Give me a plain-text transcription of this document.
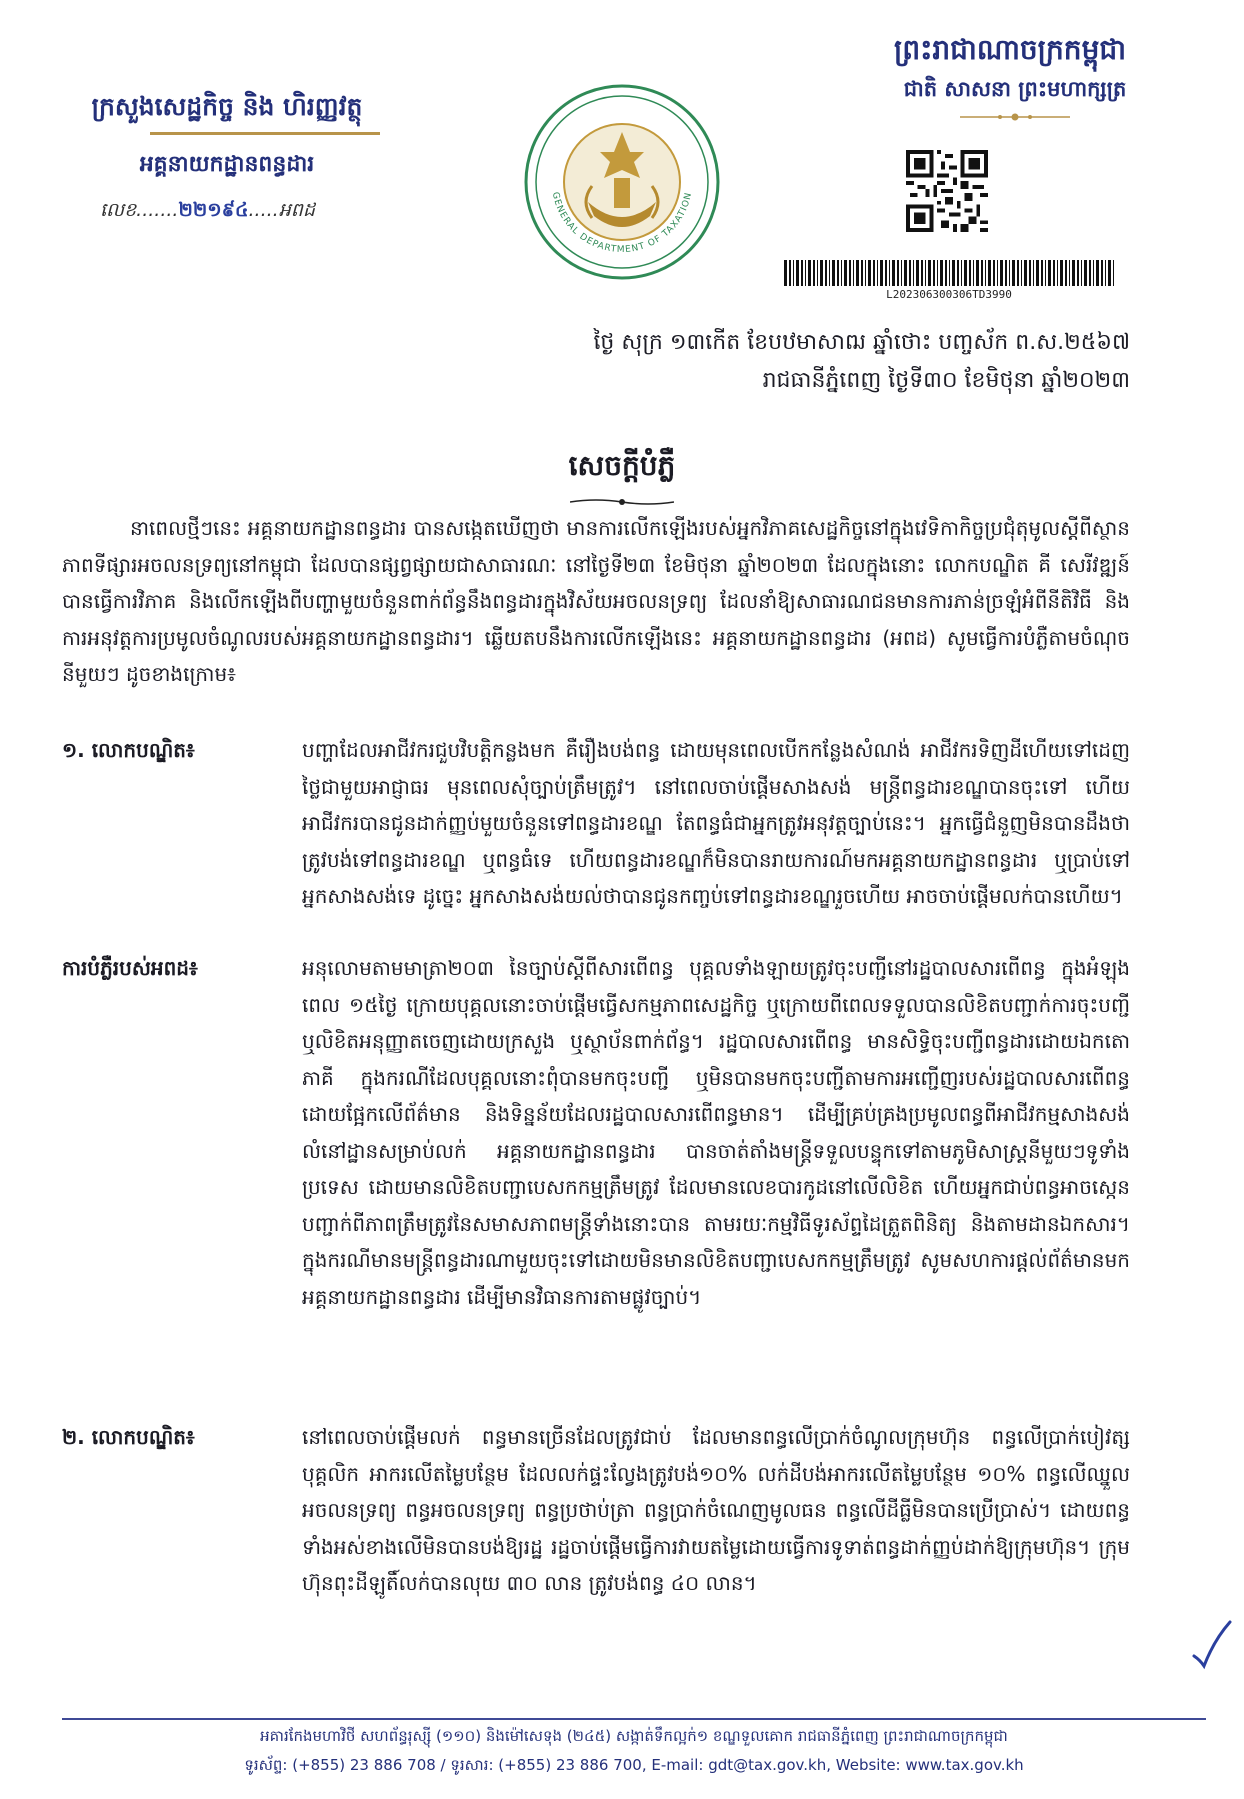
ក្រសួងសេដ្ឋកិច្ច និង ហិរញ្ញវត្ថុ
អគ្គនាយកដ្ឋានពន្ធដារ
លេខ.......២២១៩៤.....អពដ
GENERAL DEPARTMENT OF TAXATION
ព្រះរាជាណាចក្រកម្ពុជា
ជាតិ សាសនា ព្រះមហាក្សត្រ
L202306300306TD3990
ថ្ងៃ សុក្រ ១៣កើត ខែបឋមាសាឍ ឆ្នាំថោះ បញ្ចស័ក ព.ស.២៥៦៧
រាជធានីភ្នំពេញ ថ្ងៃទី៣០ ខែមិថុនា ឆ្នាំ២០២៣
សេចក្ដីបំភ្លឺ
នាពេលថ្មីៗនេះ អគ្គនាយកដ្ឋានពន្ធដារ បានសង្កេតឃើញថា មានការលើកឡើងរបស់អ្នកវិភាគសេដ្ឋកិច្ចនៅក្នុងវេទិកាកិច្ចប្រជុំតុមូលស្ដីពីស្ថានភាពទីផ្សារអចលនទ្រព្យនៅកម្ពុជា ដែលបានផ្សព្វផ្សាយជាសាធារណៈ នៅថ្ងៃទី២៣ ខែមិថុនា ឆ្នាំ២០២៣ ដែលក្នុងនោះ លោកបណ្ឌិត គី សេរីវឌ្ឍន៍ បានធ្វើការវិភាគ និងលើកឡើងពីបញ្ហាមួយចំនួនពាក់ព័ន្ធនឹងពន្ធដារក្នុងវិស័យអចលនទ្រព្យ ដែលនាំឱ្យសាធារណជនមានការភាន់ច្រឡំអំពីនីតិវិធី និងការអនុវត្តការប្រមូលចំណូលរបស់អគ្គនាយកដ្ឋានពន្ធដារ។ ឆ្លើយតបនឹងការលើកឡើងនេះ អគ្គនាយកដ្ឋានពន្ធដារ (អពដ) សូមធ្វើការបំភ្លឺតាមចំណុចនីមួយៗ ដូចខាងក្រោម៖
១. លោកបណ្ឌិត៖	បញ្ហាដែលអាជីវករជួបវិបត្តិកន្លងមក គឺរឿងបង់ពន្ធ ដោយមុនពេលបើកកន្លែងសំណង់ អាជីវករទិញដីហើយទៅដេញថ្លៃជាមួយអាជ្ញាធរ មុនពេលសុំច្បាប់ត្រឹមត្រូវ។ នៅពេលចាប់ផ្ដើមសាងសង់ មន្ត្រីពន្ធដារខណ្ឌបានចុះទៅ ហើយអាជីវករបានជូនដាក់ញ្ញប់មួយចំនួនទៅពន្ធដារខណ្ឌ តែពន្ធធំជាអ្នកត្រូវអនុវត្តច្បាប់នេះ។ អ្នកធ្វើជំនួញមិនបានដឹងថាត្រូវបង់ទៅពន្ធដារខណ្ឌ ឬពន្ធធំទេ ហើយពន្ធដារខណ្ឌក៏មិនបានរាយការណ៍មកអគ្គនាយកដ្ឋានពន្ធដារ ឬប្រាប់ទៅអ្នកសាងសង់ទេ ដូច្នេះ អ្នកសាងសង់យល់ថាបានជូនកញ្ចប់ទៅពន្ធដារខណ្ឌរួចហើយ អាចចាប់ផ្ដើមលក់បានហើយ។
ការបំភ្លឺរបស់អពដ៖	អនុលោមតាមមាត្រា២០៣ នៃច្បាប់ស្ដីពីសារពើពន្ធ បុគ្គលទាំងឡាយត្រូវចុះបញ្ជីនៅរដ្ឋបាលសារពើពន្ធ ក្នុងអំឡុងពេល ១៥ថ្ងៃ ក្រោយបុគ្គលនោះចាប់ផ្ដើមធ្វើសកម្មភាពសេដ្ឋកិច្ច ឬក្រោយពីពេលទទួលបានលិខិតបញ្ជាក់ការចុះបញ្ជី ឬលិខិតអនុញ្ញាតចេញដោយក្រសួង ឬស្ថាប័នពាក់ព័ន្ធ។ រដ្ឋបាលសារពើពន្ធ មានសិទ្ធិចុះបញ្ជីពន្ធដារដោយឯកតោភាគី ក្នុងករណីដែលបុគ្គលនោះពុំបានមកចុះបញ្ជី ឬមិនបានមកចុះបញ្ជីតាមការអញ្ជើញរបស់រដ្ឋបាលសារពើពន្ធ ដោយផ្អែកលើព័ត៌មាន និងទិន្នន័យដែលរដ្ឋបាលសារពើពន្ធមាន។ ដើម្បីគ្រប់គ្រងប្រមូលពន្ធពីអាជីវកម្មសាងសង់លំនៅដ្ឋានសម្រាប់លក់ អគ្គនាយកដ្ឋានពន្ធដារ បានចាត់តាំងមន្ត្រីទទួលបន្ទុកទៅតាមភូមិសាស្ត្រនីមួយៗទូទាំងប្រទេស ដោយមានលិខិតបញ្ជាបេសកកម្មត្រឹមត្រូវ ដែលមានលេខបារកូដនៅលើលិខិត ហើយអ្នកជាប់ពន្ធអាចស្កេនបញ្ជាក់ពីភាពត្រឹមត្រូវនៃសមាសភាពមន្ត្រីទាំងនោះបាន តាមរយៈកម្មវិធីទូរស័ព្ទដៃត្រួតពិនិត្យ និងតាមដានឯកសារ។ ក្នុងករណីមានមន្ត្រីពន្ធដារណាមួយចុះទៅដោយមិនមានលិខិតបញ្ជាបេសកកម្មត្រឹមត្រូវ សូមសហការផ្ដល់ព័ត៌មានមកអគ្គនាយកដ្ឋានពន្ធដារ ដើម្បីមានវិធានការតាមផ្លូវច្បាប់។
២. លោកបណ្ឌិត៖	នៅពេលចាប់ផ្ដើមលក់ ពន្ធមានច្រើនដែលត្រូវជាប់ ដែលមានពន្ធលើប្រាក់ចំណូលក្រុមហ៊ុន ពន្ធលើប្រាក់បៀវត្សបុគ្គលិក អាករលើតម្លៃបន្ថែម ដែលលក់ផ្ទះល្វែងត្រូវបង់១០% លក់ដីបង់អាករលើតម្លៃបន្ថែម ១០% ពន្ធលើឈ្នួលអចលនទ្រព្យ ពន្ធអចលនទ្រព្យ ពន្ធប្រថាប់ត្រា ពន្ធប្រាក់ចំណេញមូលធន ពន្ធលើដីធ្លីមិនបានប្រើប្រាស់។ ដោយពន្ធទាំងអស់ខាងលើមិនបានបង់ឱ្យរដ្ឋ រដ្ឋចាប់ផ្ដើមធ្វើការវាយតម្លៃដោយធ្វើការទូទាត់ពន្ធដាក់ញ្ញប់ដាក់ឱ្យក្រុមហ៊ុន។ ក្រុមហ៊ុនពុះដីឡូតិ៍លក់បានលុយ ៣០ លាន ត្រូវបង់ពន្ធ ៤០ លាន។
អគារកែងមហាវិថី សហព័ន្ធរុស្ស៊ី (១១០) និងម៉ៅសេទុង (២៤៥) សង្កាត់ទឹកល្អក់១ ខណ្ឌទួលគោក រាជធានីភ្នំពេញ ព្រះរាជាណាចក្រកម្ពុជា
ទូរស័ព្ទ: (+855) 23 886 708 / ទូរសារ: (+855) 23 886 700, E-mail: gdt@tax.gov.kh, Website: www.tax.gov.kh
